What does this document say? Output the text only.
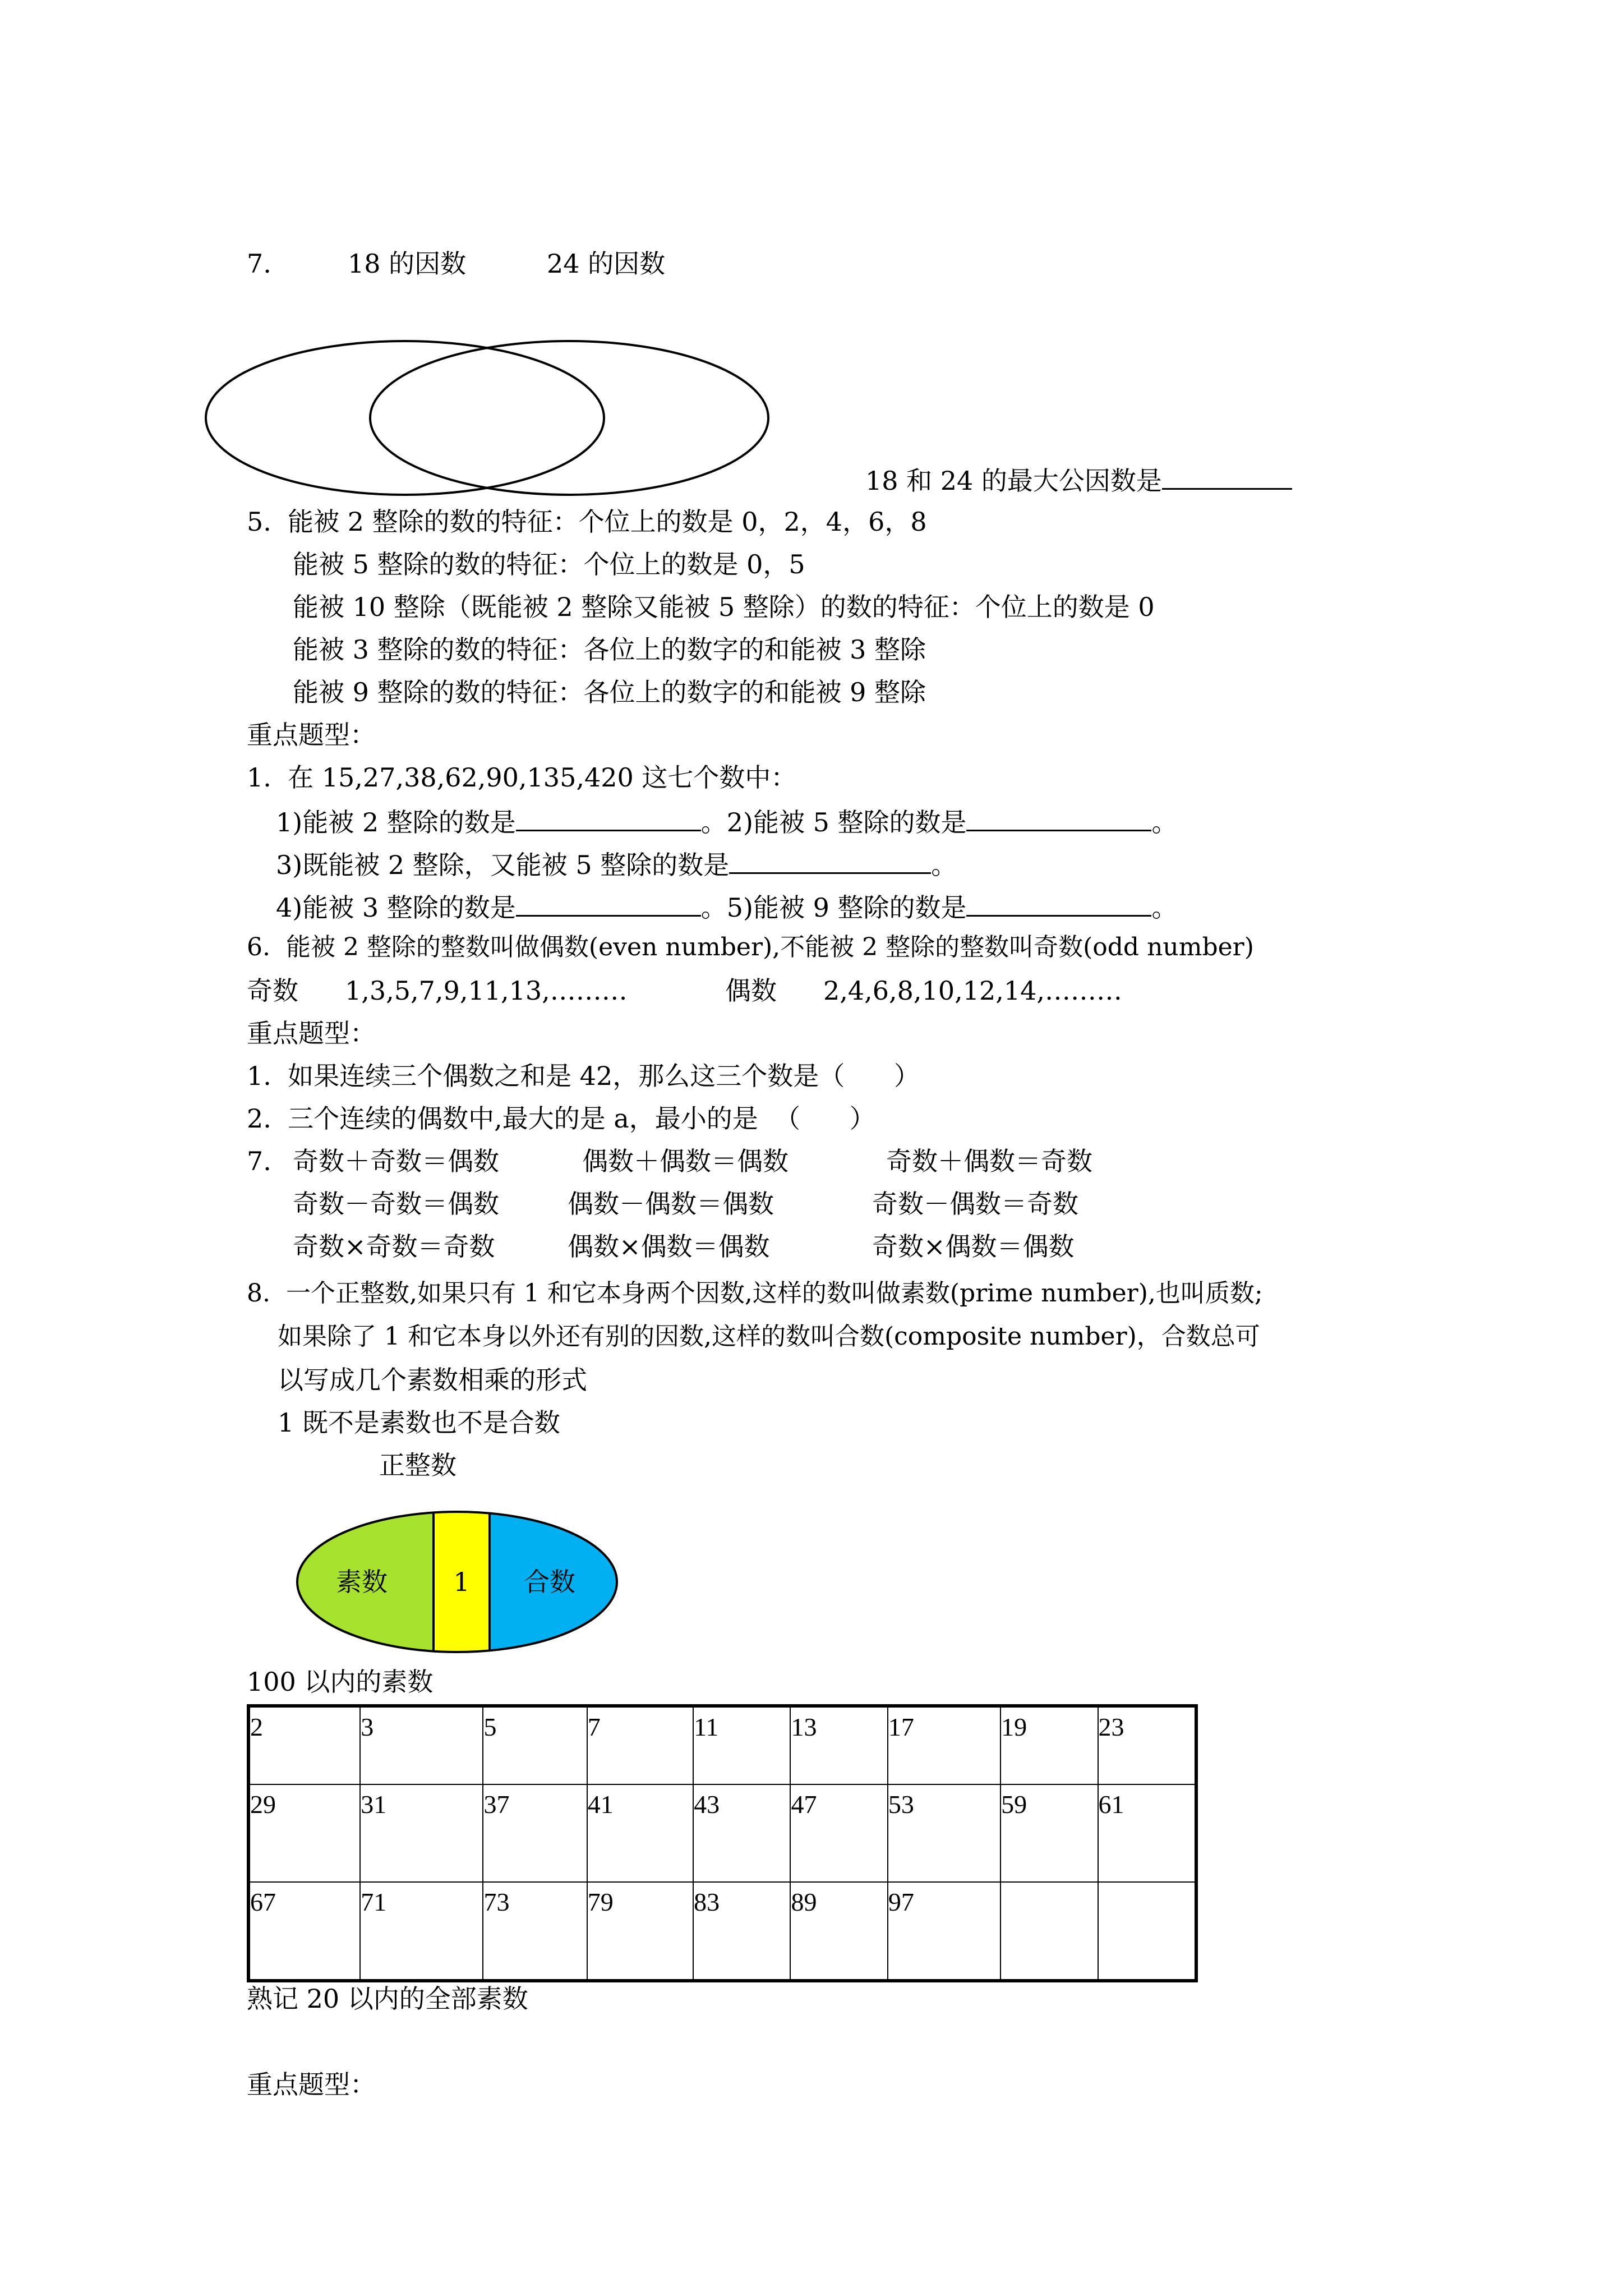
7.	18 的因数	24 的因数
18 和 24 的最大公因数是
5.  能被 2 整除的数的特征：个位上的数是 0，2，4，6，8
能被 5 整除的数的特征：个位上的数是 0，5
能被 10 整除（既能被 2 整除又能被 5 整除）的数的特征：个位上的数是 0
能被 3 整除的数的特征：各位上的数字的和能被 3 整除
能被 9 整除的数的特征：各位上的数字的和能被 9 整除
重点题型：
1.  在 15,27,38,62,90,135,420 这七个数中：
1)能被 2 整除的数是	。2)能被 5 整除的数是	。
3)既能被 2 整除，又能被 5 整除的数是	。
4)能被 3 整除的数是	。5)能被 9 整除的数是	。
6.  能被 2 整除的整数叫做偶数(even number),不能被 2 整除的整数叫奇数(odd number)
奇数 1,3,5,7,9,11,13,………	偶数 2,4,6,8,10,12,14,………
重点题型：
1.  如果连续三个偶数之和是 42，那么这三个数是（      ）
2.  三个连续的偶数中,最大的是 a，最小的是  （      ）
7. 奇数＋奇数＝偶数	偶数＋偶数＝偶数	奇数＋偶数＝奇数
奇数－奇数＝偶数	偶数－偶数＝偶数	奇数－偶数＝奇数
奇数×奇数＝奇数	偶数×偶数＝偶数	奇数×偶数＝偶数
8.  一个正整数,如果只有 1 和它本身两个因数,这样的数叫做素数(prime number),也叫质数;
如果除了 1 和它本身以外还有别的因数,这样的数叫合数(composite number)，合数总可
以写成几个素数相乘的形式
1 既不是素数也不是合数
正整数
素数	1 合数
100 以内的素数
2	3	5	7	11	13	17	19	23

29	31	37	41	43	47	53	59	61

67	71	73	79	83	89	97		

熟记 20 以内的全部素数
重点题型：
